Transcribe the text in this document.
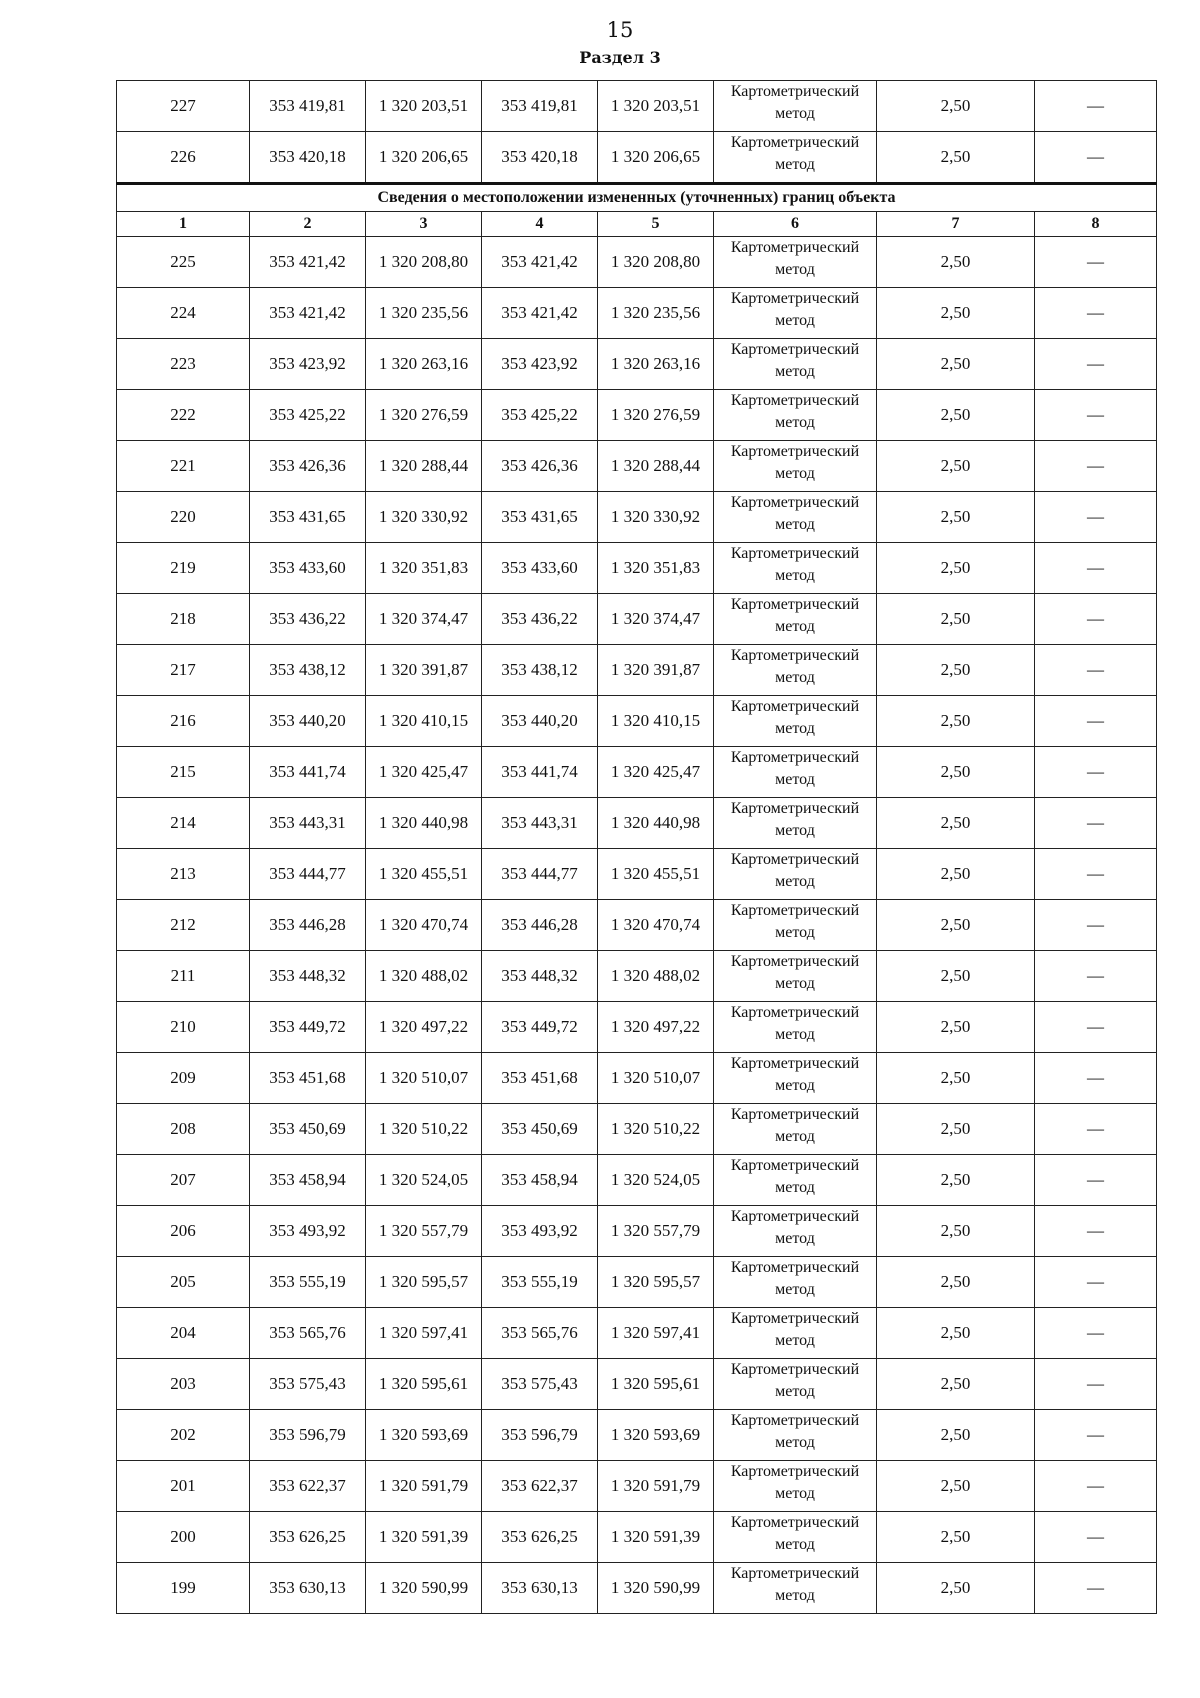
15
Раздел 3
227	353 419,81	1 320 203,51	353 419,81	1 320 203,51	Картометрический метод	2,50	—
226	353 420,18	1 320 206,65	353 420,18	1 320 206,65	Картометрический метод	2,50	—
Сведения о местоположении измененных (уточненных) границ объекта							
1	2	3	4	5	6	7	8
225	353 421,42	1 320 208,80	353 421,42	1 320 208,80	Картометрический метод	2,50	—
224	353 421,42	1 320 235,56	353 421,42	1 320 235,56	Картометрический метод	2,50	—
223	353 423,92	1 320 263,16	353 423,92	1 320 263,16	Картометрический метод	2,50	—
222	353 425,22	1 320 276,59	353 425,22	1 320 276,59	Картометрический метод	2,50	—
221	353 426,36	1 320 288,44	353 426,36	1 320 288,44	Картометрический метод	2,50	—
220	353 431,65	1 320 330,92	353 431,65	1 320 330,92	Картометрический метод	2,50	—
219	353 433,60	1 320 351,83	353 433,60	1 320 351,83	Картометрический метод	2,50	—
218	353 436,22	1 320 374,47	353 436,22	1 320 374,47	Картометрический метод	2,50	—
217	353 438,12	1 320 391,87	353 438,12	1 320 391,87	Картометрический метод	2,50	—
216	353 440,20	1 320 410,15	353 440,20	1 320 410,15	Картометрический метод	2,50	—
215	353 441,74	1 320 425,47	353 441,74	1 320 425,47	Картометрический метод	2,50	—
214	353 443,31	1 320 440,98	353 443,31	1 320 440,98	Картометрический метод	2,50	—
213	353 444,77	1 320 455,51	353 444,77	1 320 455,51	Картометрический метод	2,50	—
212	353 446,28	1 320 470,74	353 446,28	1 320 470,74	Картометрический метод	2,50	—
211	353 448,32	1 320 488,02	353 448,32	1 320 488,02	Картометрический метод	2,50	—
210	353 449,72	1 320 497,22	353 449,72	1 320 497,22	Картометрический метод	2,50	—
209	353 451,68	1 320 510,07	353 451,68	1 320 510,07	Картометрический метод	2,50	—
208	353 450,69	1 320 510,22	353 450,69	1 320 510,22	Картометрический метод	2,50	—
207	353 458,94	1 320 524,05	353 458,94	1 320 524,05	Картометрический метод	2,50	—
206	353 493,92	1 320 557,79	353 493,92	1 320 557,79	Картометрический метод	2,50	—
205	353 555,19	1 320 595,57	353 555,19	1 320 595,57	Картометрический метод	2,50	—
204	353 565,76	1 320 597,41	353 565,76	1 320 597,41	Картометрический метод	2,50	—
203	353 575,43	1 320 595,61	353 575,43	1 320 595,61	Картометрический метод	2,50	—
202	353 596,79	1 320 593,69	353 596,79	1 320 593,69	Картометрический метод	2,50	—
201	353 622,37	1 320 591,79	353 622,37	1 320 591,79	Картометрический метод	2,50	—
200	353 626,25	1 320 591,39	353 626,25	1 320 591,39	Картометрический метод	2,50	—
199	353 630,13	1 320 590,99	353 630,13	1 320 590,99	Картометрический метод	2,50	—
